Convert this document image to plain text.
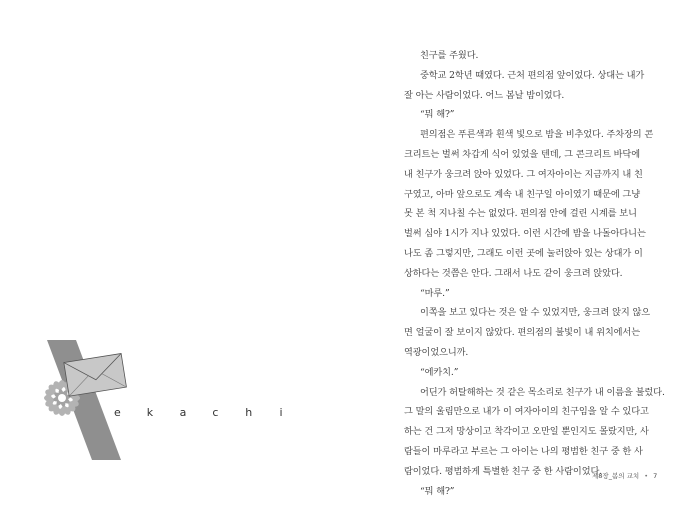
e k a c h i

친구를 주웠다.

중학교 2학년 때였다. 근처 편의점 앞이었다. 상대는 내가

잘 아는 사람이었다. 어느 봄날 밤이었다.

“뭐 해?”

편의점은 푸른색과 흰색 빛으로 밤을 비추었다. 주차장의 콘

크리트는 벌써 차갑게 식어 있었을 텐데, 그 콘크리트 바닥에

내 친구가 웅크려 앉아 있었다. 그 여자아이는 지금까지 내 친

구였고, 아마 앞으로도 계속 내 친구일 아이였기 때문에 그냥

못 본 척 지나칠 수는 없었다. 편의점 안에 걸린 시계를 보니

벌써 심야 1시가 지나 있었다. 이런 시간에 밤을 나돌아다니는

나도 좀 그렇지만, 그래도 이런 곳에 눌러앉아 있는 상대가 이

상하다는 것쯤은 안다. 그래서 나도 같이 웅크려 앉았다.

“마루.”

이쪽을 보고 있다는 것은 알 수 있었지만, 웅크려 앉지 않으

면 얼굴이 잘 보이지 않았다. 편의점의 불빛이 내 위치에서는

역광이었으니까.

“에카치.”

어딘가 허탈해하는 것 같은 목소리로 친구가 내 이름을 불렀다.

그 말의 울림만으로 내가 이 여자아이의 친구임을 알 수 있다고

하는 건 그저 망상이고 착각이고 오만일 뿐인지도 몰랐지만, 사

람들이 마루라고 부르는 그 아이는 나의 평범한 친구 중 한 사

람이었다. 평범하게 특별한 친구 중 한 사람이었다.

“뭐 해?”

제8장_봄의 교치 • 7
